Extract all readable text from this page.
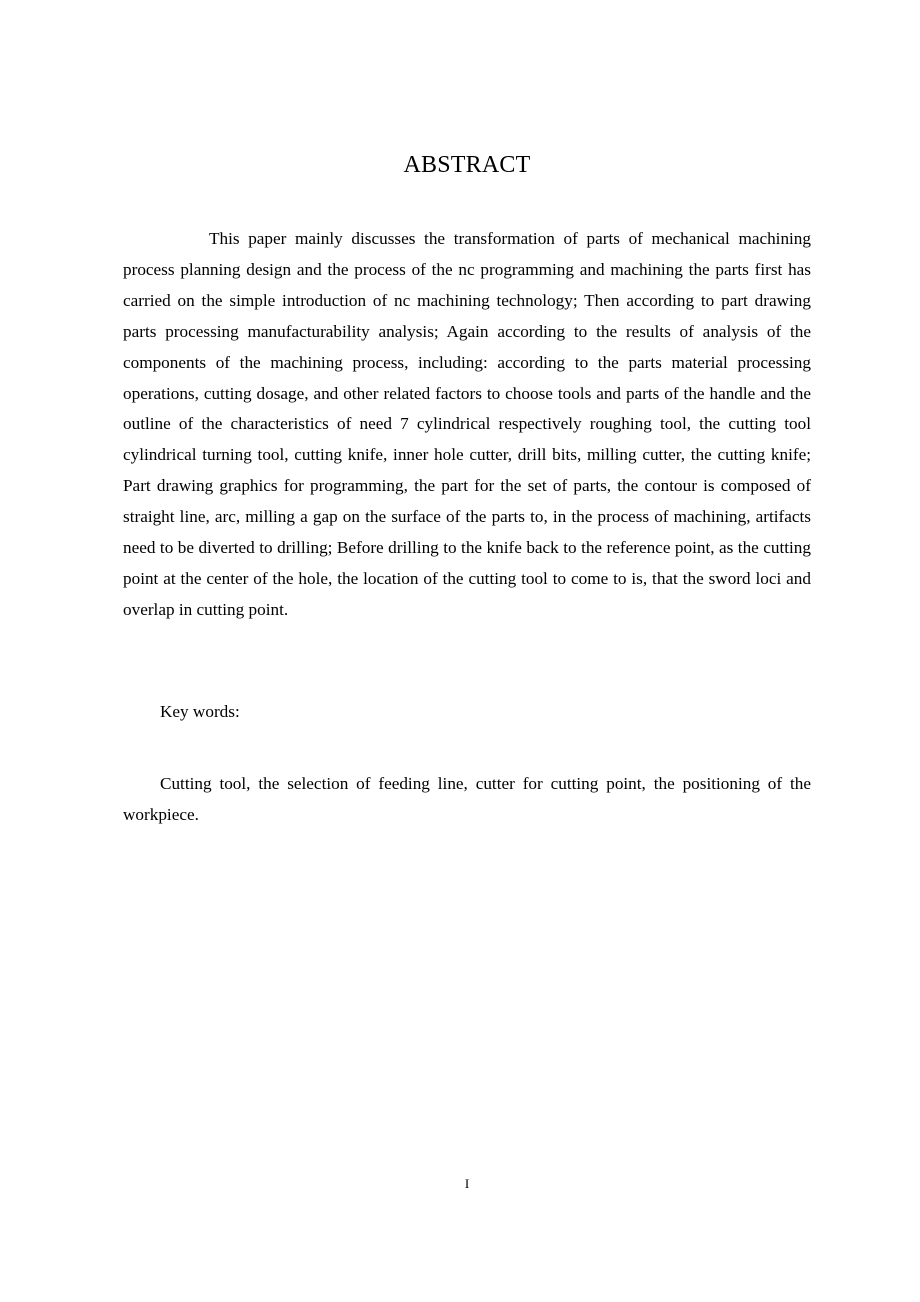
ABSTRACT

This paper mainly discusses the transformation of parts of mechanical machining process planning design and the process of the nc programming and machining the parts first has carried on the simple introduction of nc machining technology; Then according to part drawing parts processing manufacturability analysis; Again according to the results of analysis of the components of the machining process, including: according to the parts material processing operations, cutting dosage, and other related factors to choose tools and parts of the handle and the outline of the characteristics of need 7 cylindrical respectively roughing tool, the cutting tool cylindrical turning tool, cutting knife, inner hole cutter, drill bits, milling cutter, the cutting knife; Part drawing graphics for programming, the part for the set of parts, the contour is composed of straight line, arc, milling a gap on the surface of the parts to, in the process of machining, artifacts need to be diverted to drilling; Before drilling to the knife back to the reference point, as the cutting point at the center of the hole, the location of the cutting tool to come to is, that the sword loci and overlap in cutting point.

Key words:

Cutting tool, the selection of feeding line, cutter for cutting point, the positioning of the workpiece.

I
